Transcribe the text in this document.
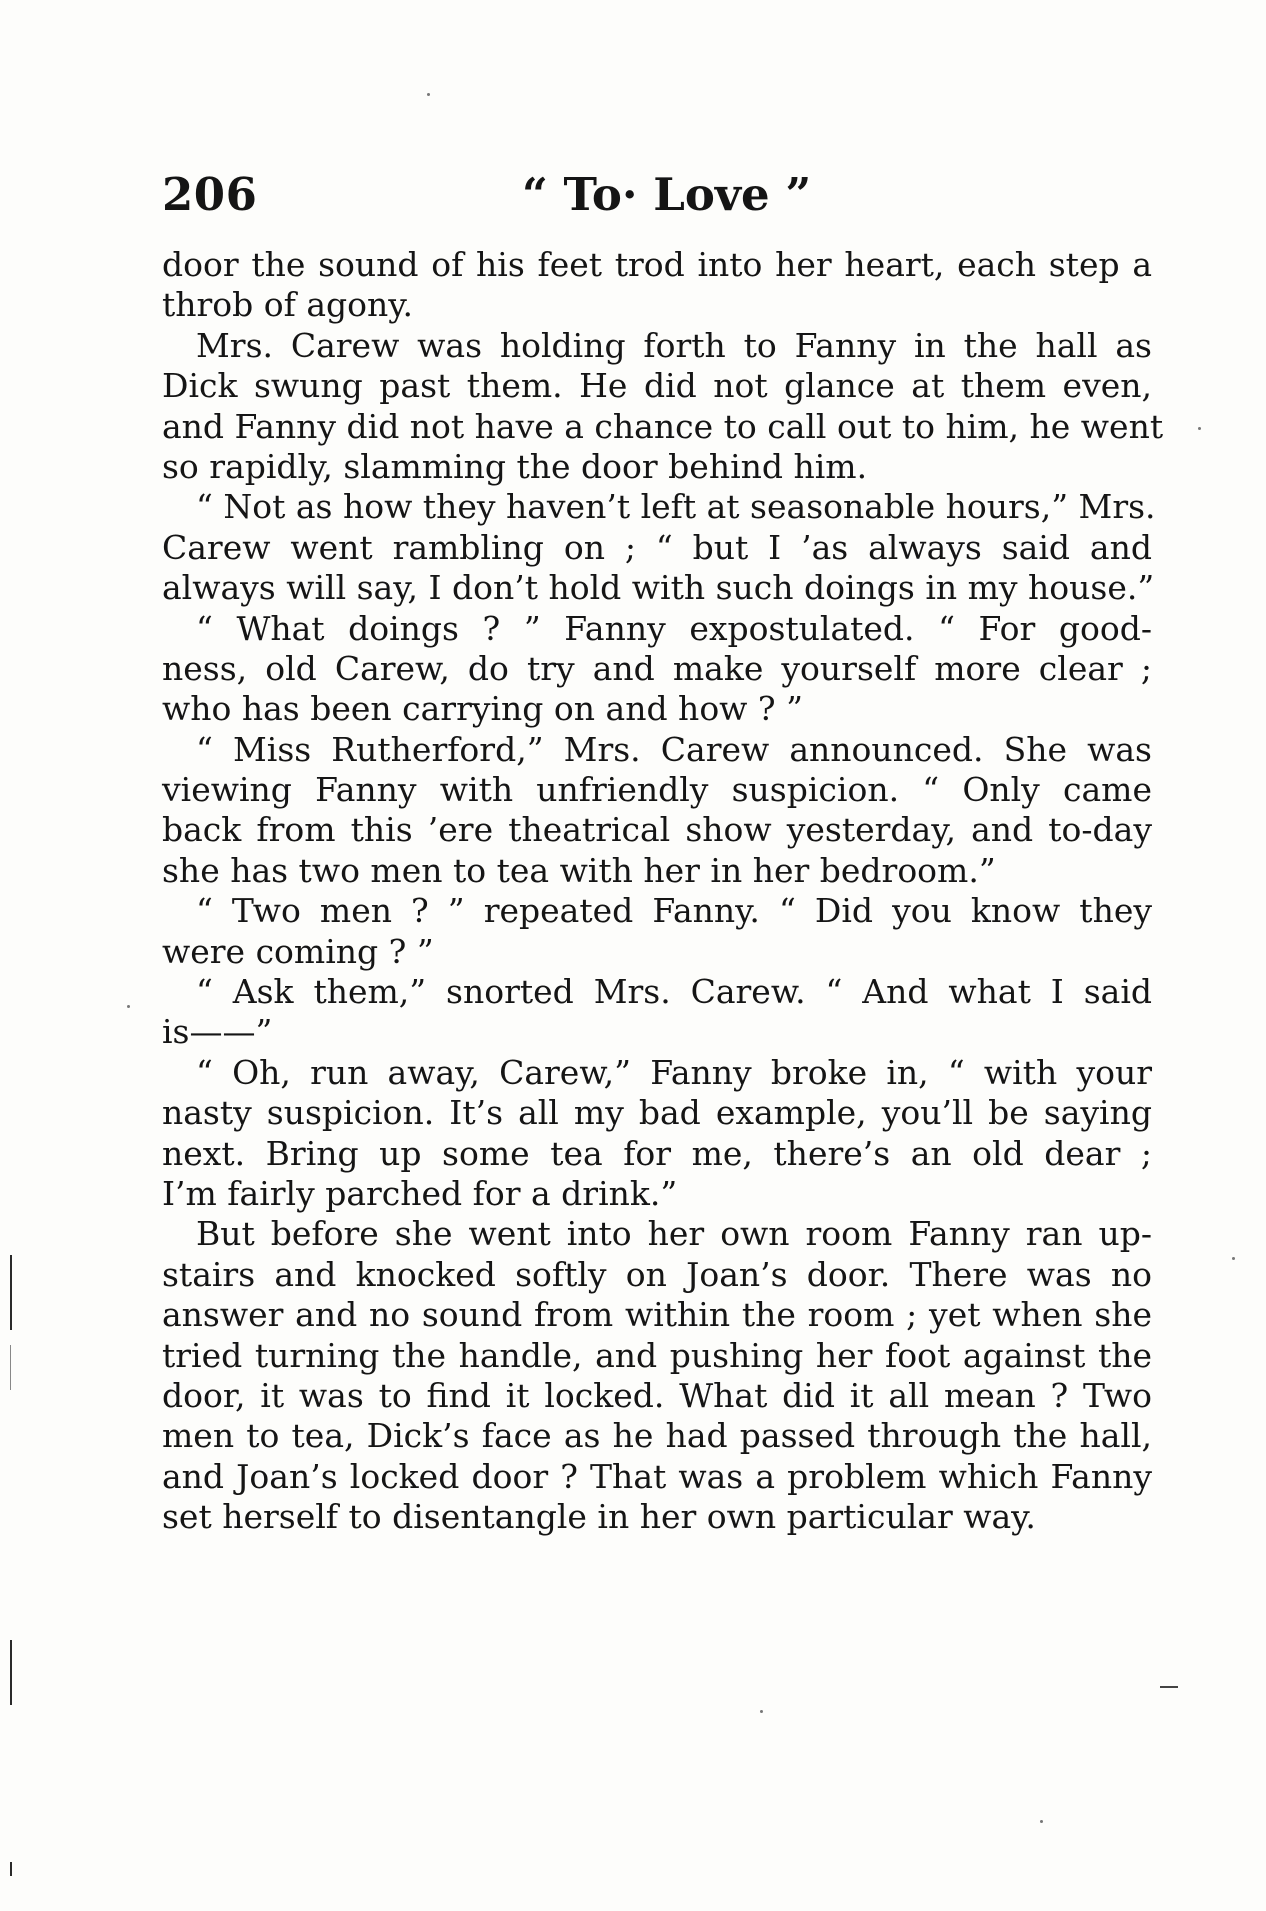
206	“ To· Love ”
door the sound of his feet trod into her heart, each step a
throb of agony.
Mrs. Carew was holding forth to Fanny in the hall as
Dick swung past them. He did not glance at them even,
and Fanny did not have a chance to call out to him, he went
so rapidly, slamming the door behind him.
“ Not as how they haven’t left at seasonable hours,” Mrs.
Carew went rambling on ; “ but I ’as always said and
always will say, I don’t hold with such doings in my house.”
“ What doings ? ” Fanny expostulated. “ For good-
ness, old Carew, do try and make yourself more clear ;
who has been carrying on and how ? ”
“ Miss Rutherford,” Mrs. Carew announced. She was
viewing Fanny with unfriendly suspicion. “ Only came
back from this ’ere theatrical show yesterday, and to-day
she has two men to tea with her in her bedroom.”
“ Two men ? ” repeated Fanny. “ Did you know they
were coming ? ”
“ Ask them,” snorted Mrs. Carew. “ And what I said
is——”
“ Oh, run away, Carew,” Fanny broke in, “ with your
nasty suspicion. It’s all my bad example, you’ll be saying
next. Bring up some tea for me, there’s an old dear ;
I’m fairly parched for a drink.”
But before she went into her own room Fanny ran up-
stairs and knocked softly on Joan’s door. There was no
answer and no sound from within the room ; yet when she
tried turning the handle, and pushing her foot against the
door, it was to find it locked. What did it all mean ? Two
men to tea, Dick’s face as he had passed through the hall,
and Joan’s locked door ? That was a problem which Fanny
set herself to disentangle in her own particular way.
